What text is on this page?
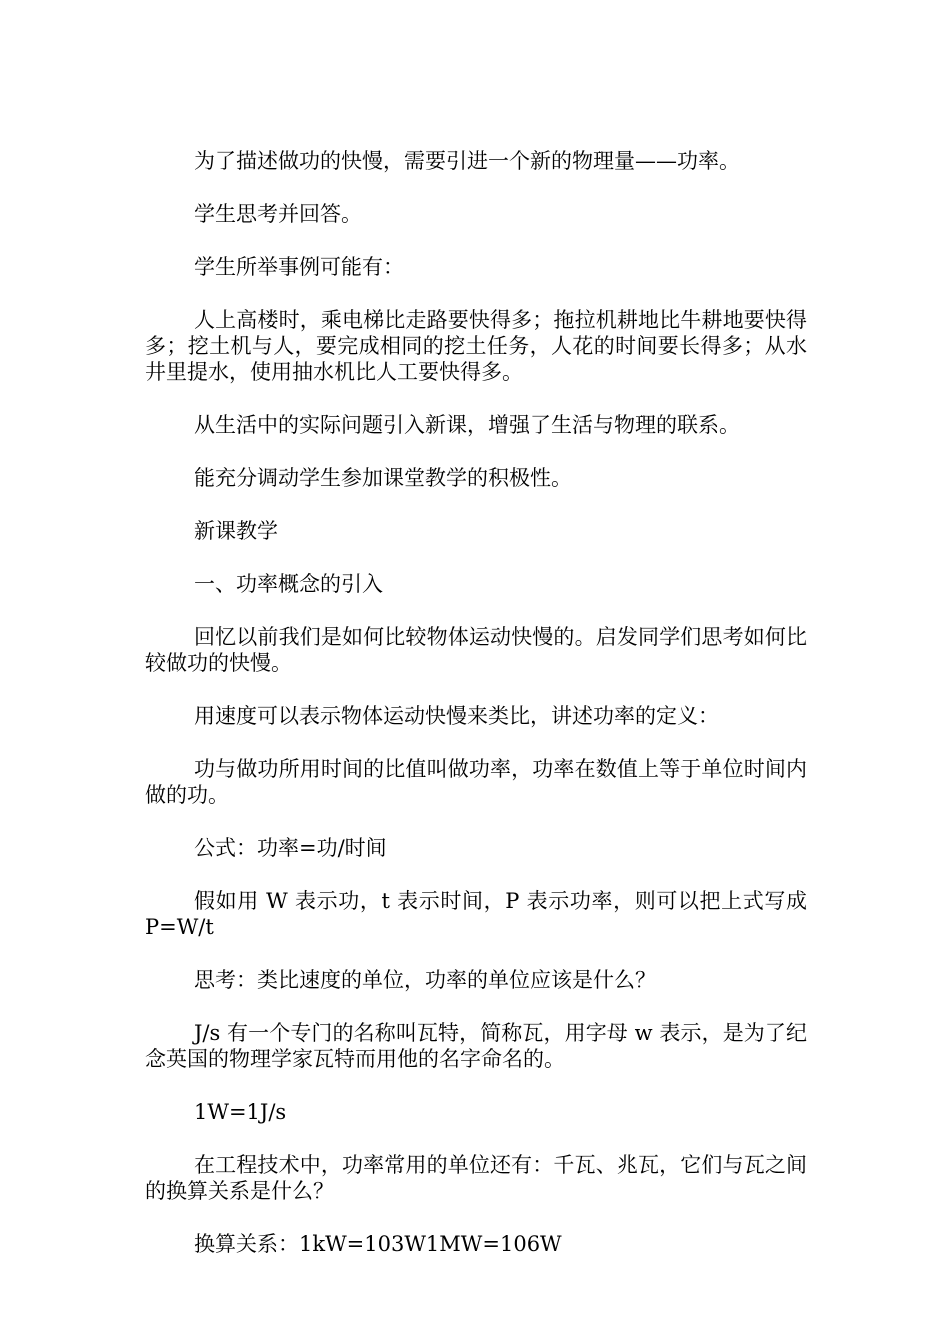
为了描述做功的快慢，需要引进一个新的物理量——功率。

学生思考并回答。

学生所举事例可能有：

人上高楼时，乘电梯比走路要快得多；拖拉机耕地比牛耕地要快得多；挖土机与人，要完成相同的挖土任务，人花的时间要长得多；从水井里提水，使用抽水机比人工要快得多。

从生活中的实际问题引入新课，增强了生活与物理的联系。

能充分调动学生参加课堂教学的积极性。

新课教学

一、功率概念的引入

回忆以前我们是如何比较物体运动快慢的。启发同学们思考如何比较做功的快慢。

用速度可以表示物体运动快慢来类比，讲述功率的定义：

功与做功所用时间的比值叫做功率，功率在数值上等于单位时间内做的功。

公式：功率=功/时间

假如用 W 表示功，t 表示时间，P 表示功率，则可以把上式写成 P=W/t

思考：类比速度的单位，功率的单位应该是什么？

J/s 有一个专门的名称叫瓦特，简称瓦，用字母 w 表示，是为了纪念英国的物理学家瓦特而用他的名字命名的。

1W=1J/s

在工程技术中，功率常用的单位还有：千瓦、兆瓦，它们与瓦之间的换算关系是什么？

换算关系：1kW=103W1MW=106W
